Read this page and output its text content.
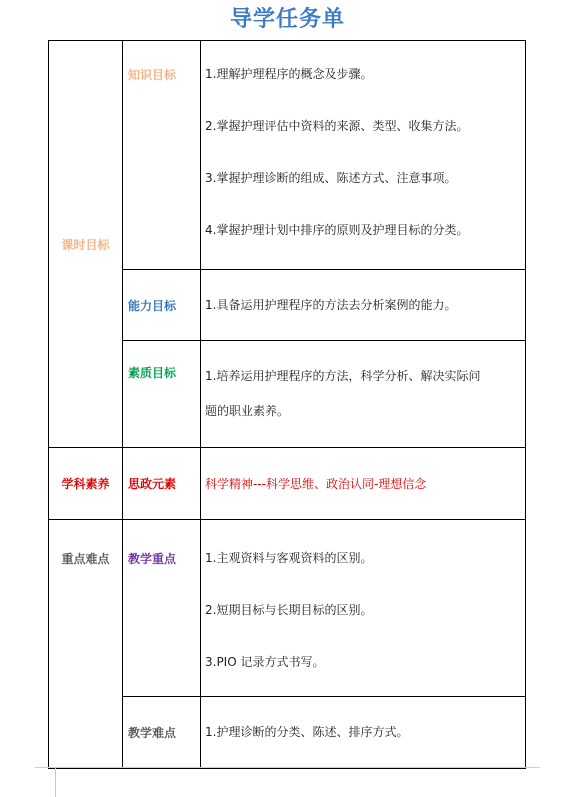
导学任务单
课时目标	知识目标	1.理解护理程序的概念及步骤。

2.掌握护理评估中资料的来源、类型、收集方法。

3.掌握护理诊断的组成、陈述方式、注意事项。

4.掌握护理计划中排序的原则及护理目标的分类。

	能力目标	1.具备运用护理程序的方法去分析案例的能力。

	素质目标	1.培养运用护理程序的方法，科学分析、解决实际问

题的职业素养。

学科素养	思政元素	科学精神---科学思维、政治认同-理想信念

重点难点	教学重点	1.主观资料与客观资料的区别。

2.短期目标与长期目标的区别。

3.PIO 记录方式书写。

	教学难点	1.护理诊断的分类、陈述、排序方式。
